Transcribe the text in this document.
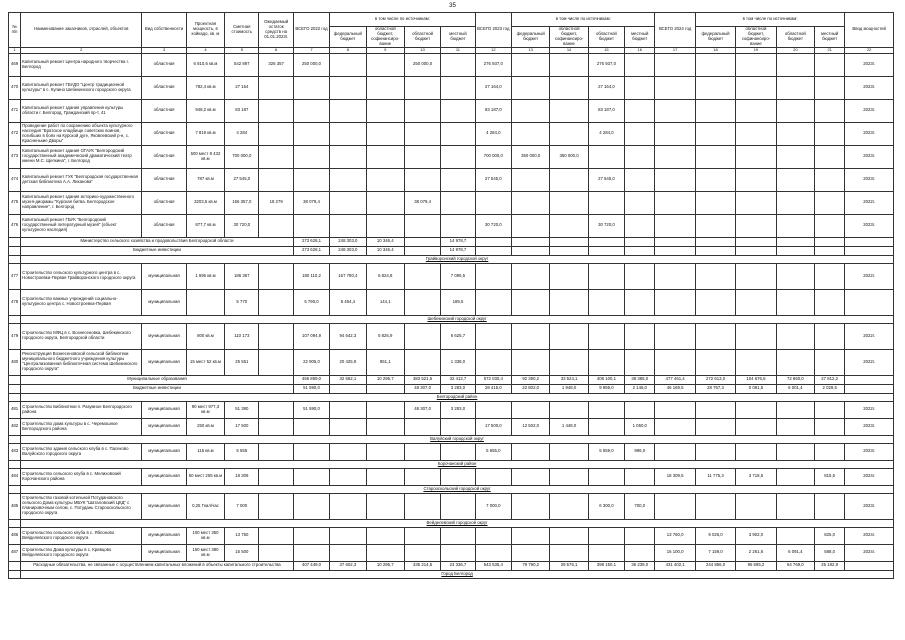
35
№ п/п	Наименование заказчиков, отраслей, объектов	Вид собственности	Проектная мощность, в койкадо, кв. м	Сметная стоимость	Ожидаемый остаток средств на 01.01.2023г.	ВСЕГО 2022 год	в том числе по источникам:				ВСЕГО 2023 год	в том числе по источникам:				ВСЕГО 2024 год	в том числе по источникам:				Ввод мощностей
							федеральный бюджет	областной бюджет, софинансиро-вание	областной бюджет	местный бюджет		федеральный бюджет	областной бюджет, софинансиро-вание	областной бюджет	местный бюджет		федеральный бюджет	областной бюджет, софинансиро-вание	областной бюджет	местный бюджет	
1	2	3	4	5	6	7	8	9	10	11	12	13	14	15	16	17	18	19	20	21	22
469	Капитальный ремонт Центра народного творчества г. Белгород	областная	6 810,6 кв.м	542 897	326 357	250 000,0			250 000,0		276 937,0			276 937,0							2023г.
470	Капитальный ремонт ГБУДО "Центр традиционной культуры" в с. Купино Шебекинского городского округа	областная	782,4 кв.м	27 164							27 164,0			27 164,0							2023г.
471	Капитальный ремонт здания управления культуры области г. Белгород, Гражданский пр-т, 41	областная	948,2 кв.м	83 187							83 187,0			83 187,0							2023г.
472	Проведение работ по сохранению объекта культурного наследия "Братское кладбище советских воинов, погибших в боях на Курской дуге, Яковлевский р-н, с. Красненькие Дворы"	областная	7 819 кв.м	4 284							4 284,0			4 284,0							2023г.
473	Капитальный ремонт здания ОГАУК "Белгородский государственный академический драматический театр имени М.С. Щепкина", г. Белгород	областная	500 мест 8 432 кв.м	700 000,0							700 000,0	350 000,0	350 000,0								2023г.
474	Капитальный ремонт ГУК "Белгородская государственная детская библиотека А.А. Лиханова"	областная	787 кв.м	27 545,0							27 545,0			27 545,0							2023г.
475	Капитальный ремонт здания историко-художественного музея-диорамы "Курская битва. Белгородское направление", г. Белгород	областная	3203,5 кв.м	156 357,0	18 279	38 079,4			38 079,4												2022г.
476	Капитальный ремонт ГБУК "Белгородский государственный литературный музей" (объект культурного наследия)	областная	877,7 кв.м	30 720,0							30 720,0			30 720,0							2023г.
	Министерство сельского хозяйства и продовольствия Белгородской области					273 628,1	248 303,0	10 346,4		14 978,7											
	Бюджетные инвестиции					273 628,1	248 303,0	10 346,4		14 978,7											
	Грайворонский городской округ																				
477	Строительство сельского культурного центра в с. Новостроевка-Первая Грайворонского городского округа	муниципальная	1 696 кв.м	186 367		180 110,2	167 780,4	6 824,8		7 095,5											2022г.
478	Строительство важных учреждений социально-культурного центра с. Новостроевка-Первая	муниципальная		5 770		5 790,0	5 454,4	144,1		189,5											
	Шебекинский городской округ																				
479	Строительство МФЦ в с. Вознесеновка, Шебекинского городского округа, Белгородской области	муниципальная	800 кв.м	110 173		107 094,9	94 642,3	5 826,9		6 625,7											2022г.
480	Реконструкция Вознесеновской сельской библиотеки муниципального бюджетного учреждения культуры "Централизованная библиотечная система Шебекинского городского округа"	муниципальная	15 мест 52 кв.м	25 551		22 905,0	20 425,9	851,1		1 338,0											2022г.
	Муниципальные образования					456 859,0	32 662,1	10 295,7	383 521,5	32 412,7	572 030,4	92 390,2	33 524,1	408 100,1	38 385,0	477 461,4	272 613,0	104 676,5	72 860,0	27 812,2	
	Бюджетные инвестиции					51 590,0			48 307,0	3 283,0	28 415,0	22 802,0	1 948,0	9 959,0	2 146,0	46 169,5	28 757,3	0 081,5	6 001,4	2 029,5	
	Белгородский район																				
481	Строительство Библиотеки п. Разумное Белгородского района	муниципальная	90 мест 977,3 кв.м	51 380		51 590,0			48 307,0	3 283,0											2022г.
482	Строительство дома культуры в с. Черемошное Белгородского района	муниципальная	250 кв.м	17 500							17 500,0	12 502,0	1 448,0		1 050,0						2023г.
	Валуйский городской округ																				
483	Строительство здания сельского клуба в с. Пасеково Валуйского городского округа	муниципальная	115 кв.м	5 555							5 555,0			5 559,0	996,0						2023г.
	Корочанский район																				
484	Строительство сельского клуба в с. Мелиховский Корочанского района	муниципальная	50 мест 255 кв.м	18 309												18 309,5	11 775,3	3 718,5		815,5	2024г.
	Старооскольский городской округ																				
485	Строительство газовой котельной Потудановского сельского Дома культуры МБУК "Шаталовский ЦКД" с планировочным селом, с. Потудань Старооскольского городского округа	муниципальная	0,25 Гкал/час	7 000							7 000,0			6 300,0	700,0						2023г.
	Вейделевский городской округ																				
486	Строительство сельского клуба в с. Яблоново Вейделевского городского округа	муниципальная	100 мест 350 кв.м	13 750												13 760,0	9 025,0	3 902,0		825,0	2024г.
487	Строительство Дома культуры в с. Кривцово Вейделевского городского округа	муниципальная	150 мест 380 кв.м	16 500												16 100,0	7 159,0	2 261,6	6 091,4	588,0	2024г.
	Расходные обязательства, не связанные с осуществлением капитальных вложений в объекты капитального строительства					407 449,0	37 602,3	10 295,7	335 214,5	23 336,7	543 535,4	79 790,2	29 576,1	398 150,1	36 239,0	431 402,1	244 856,0	95 595,2	64 769,0	25 182,9	
	Город Белгород																				
